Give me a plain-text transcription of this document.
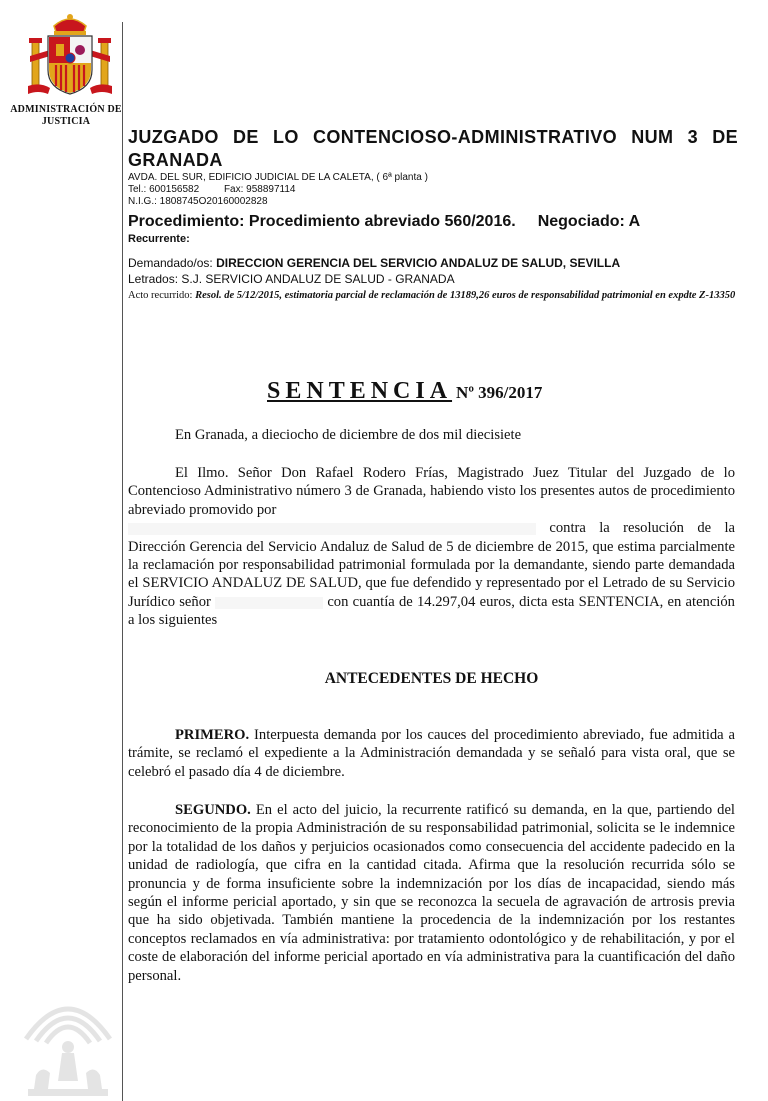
ADMINISTRACIÓN DE JUSTICIA
JUZGADO DE LO CONTENCIOSO-ADMINISTRATIVO NUM 3 DE GRANADA
AVDA. DEL SUR, EDIFICIO JUDICIAL DE LA CALETA, ( 6ª planta )
Tel.: 600156582 Fax: 958897114
N.I.G.: 1808745O20160002828
Procedimiento: Procedimiento abreviado 560/2016. Negociado: A
Recurrente:
Demandado/os: DIRECCION GERENCIA DEL SERVICIO ANDALUZ DE SALUD, SEVILLA
Letrados: S.J. SERVICIO ANDALUZ DE SALUD - GRANADA
Acto recurrido: Resol. de 5/12/2015, estimatoria parcial de reclamación de 13189,26 euros de responsabilidad patrimonial en expdte Z-13350
SENTENCIA Nº 396/2017
En Granada, a dieciocho de diciembre de dos mil diecisiete
El Ilmo. Señor Don Rafael Rodero Frías, Magistrado Juez Titular del Juzgado de lo Contencioso Administrativo número 3 de Granada, habiendo visto los presentes autos de procedimiento abreviado promovido por
contra la resolución de la Dirección Gerencia del Servicio Andaluz de Salud de 5 de diciembre de 2015, que estima parcialmente la reclamación por responsabilidad patrimonial formulada por la demandante, siendo parte demandada el SERVICIO ANDALUZ DE SALUD, que fue defendido y representado por el Letrado de su Servicio Jurídico señor	con cuantía de 14.297,04 euros, dicta esta SENTENCIA, en atención a los siguientes
ANTECEDENTES DE HECHO
PRIMERO. Interpuesta demanda por los cauces del procedimiento abreviado, fue admitida a trámite, se reclamó el expediente a la Administración demandada y se señaló para vista oral, que se celebró el pasado día 4 de diciembre.
SEGUNDO. En el acto del juicio, la recurrente ratificó su demanda, en la que, partiendo del reconocimiento de la propia Administración de su responsabilidad patrimonial, solicita se le indemnice por la totalidad de los daños y perjuicios ocasionados como consecuencia del accidente padecido en la unidad de radiología, que cifra en la cantidad citada. Afirma que la resolución recurrida sólo se pronuncia y de forma insuficiente sobre la indemnización por los días de incapacidad, siendo más según el informe pericial aportado, y sin que se reconozca la secuela de agravación de artrosis previa que ha sido objetivada. También mantiene la procedencia de la indemnización por los restantes conceptos reclamados en vía administrativa: por tratamiento odontológico y de rehabilitación, y por el coste de elaboración del informe pericial aportado en vía administrativa para la cuantificación del daño personal.
